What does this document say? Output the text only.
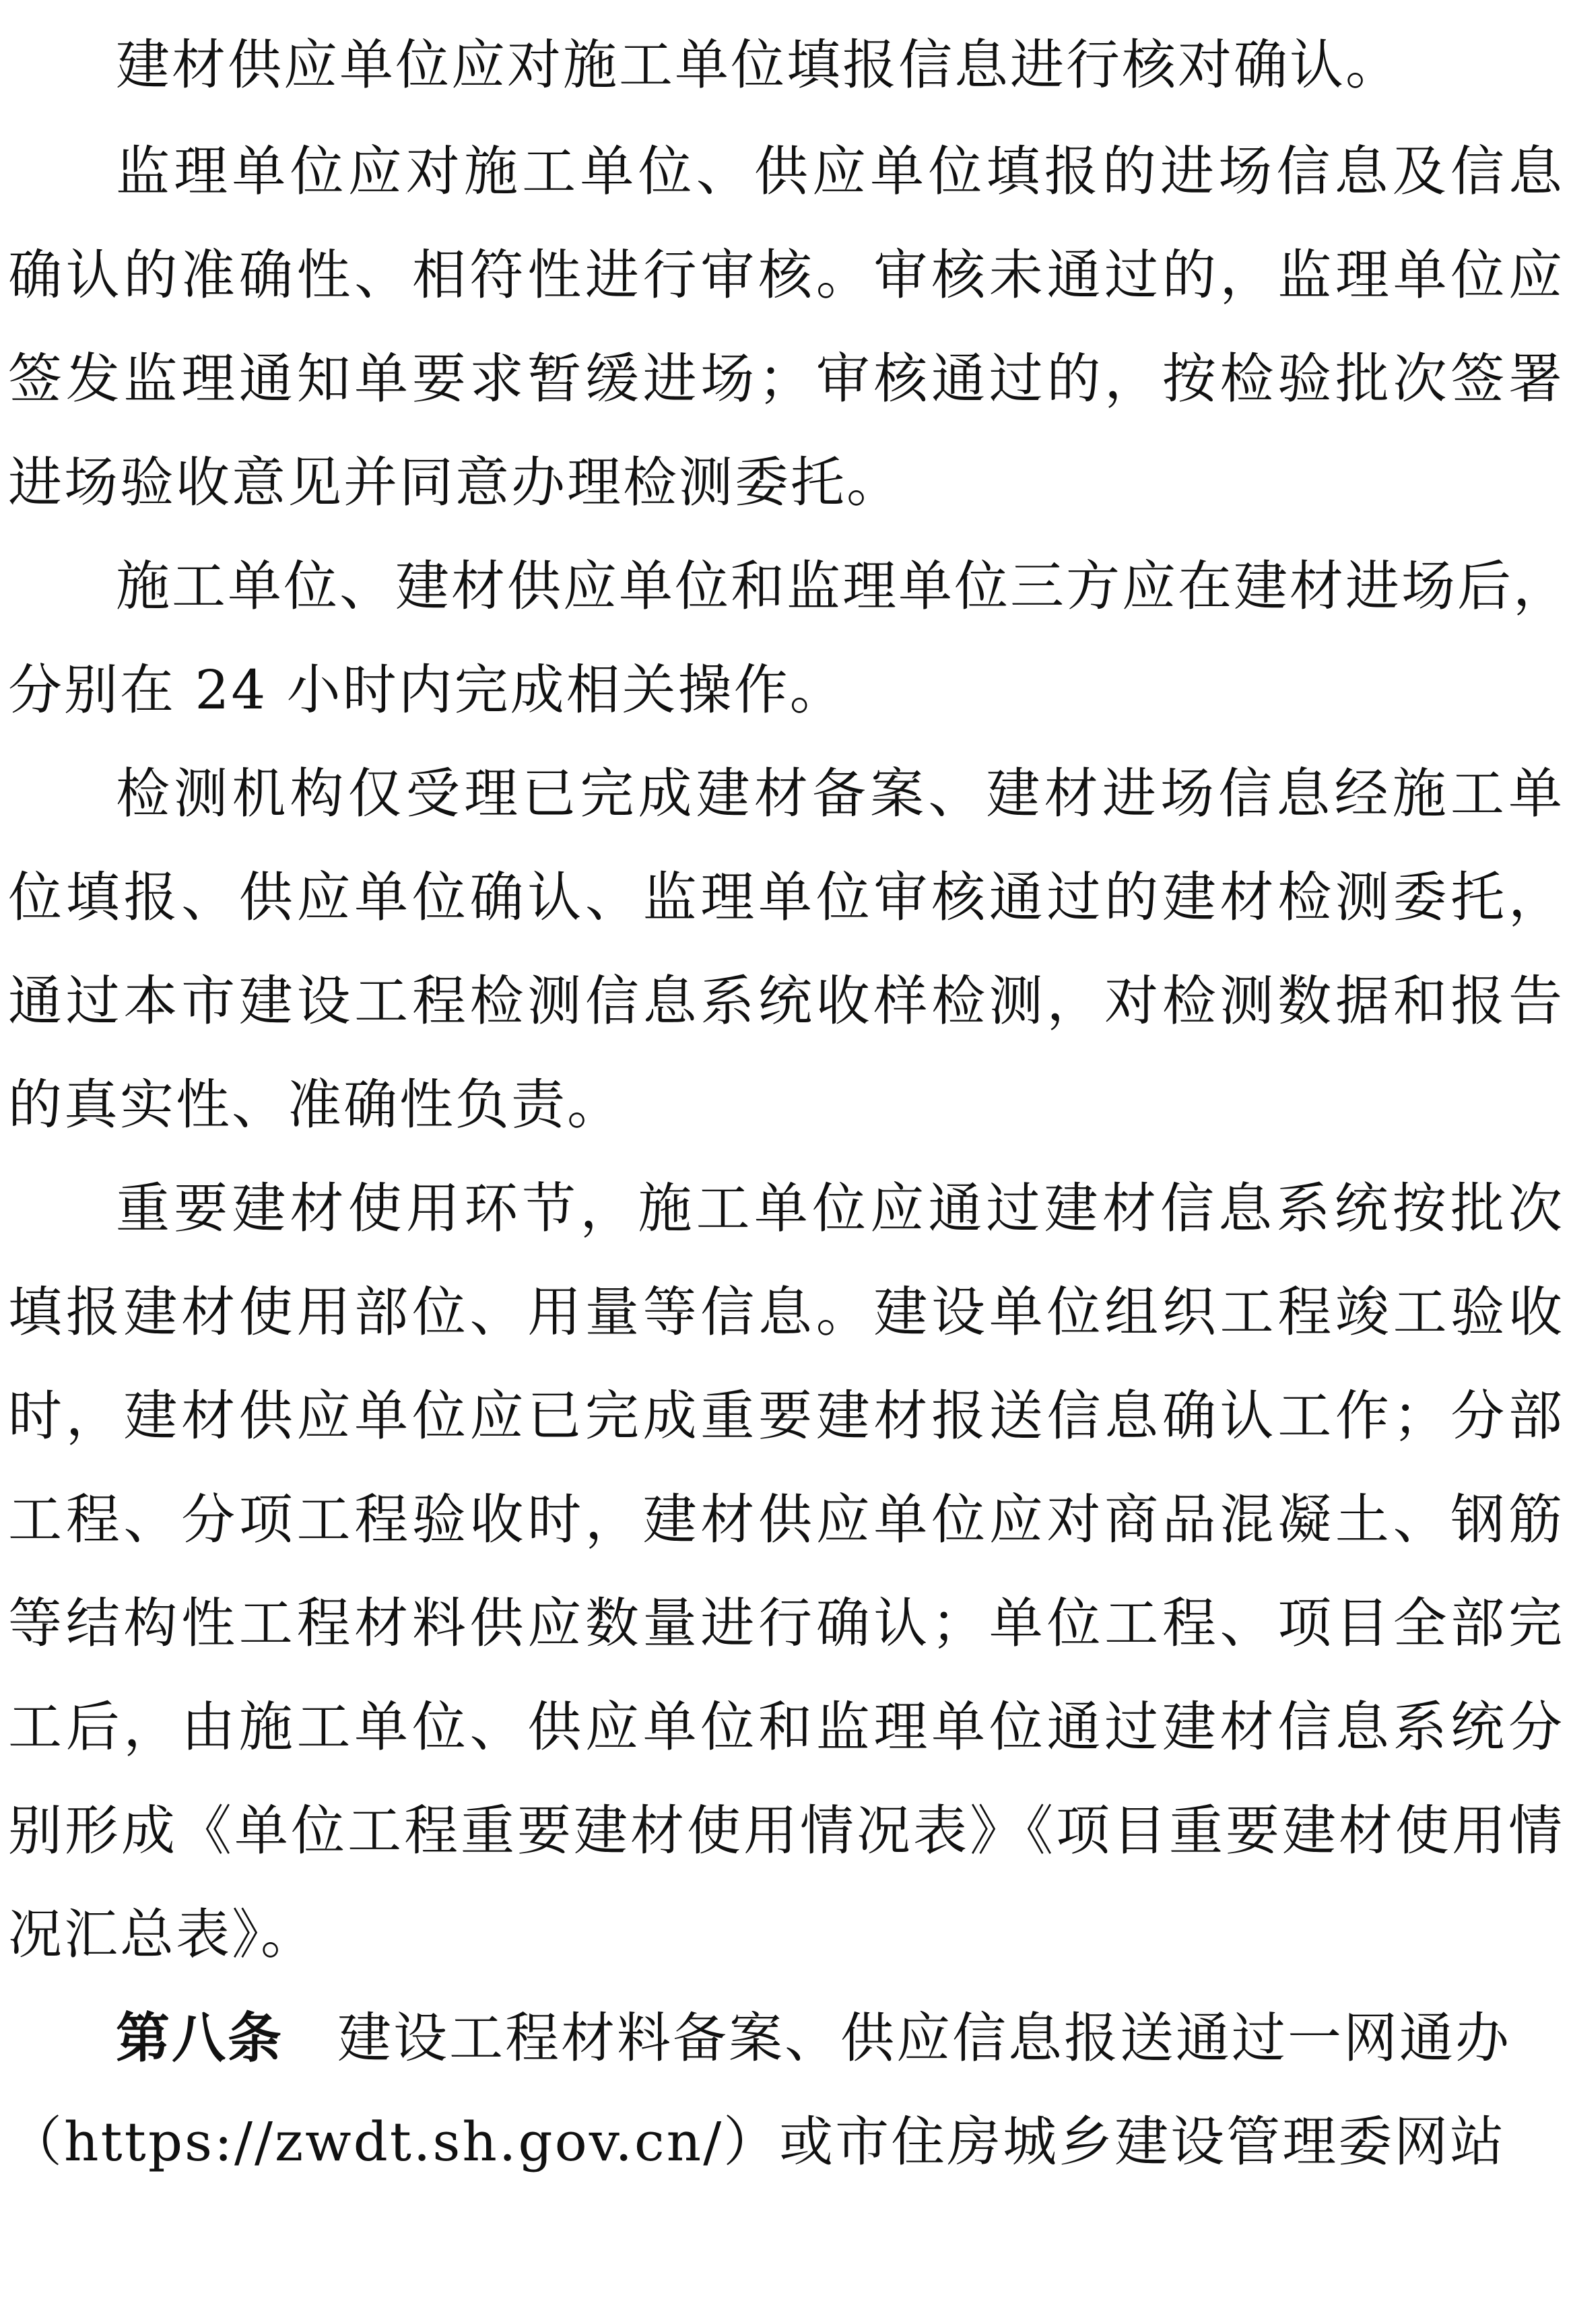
建材供应单位应对施工单位填报信息进行核对确认。
监理单位应对施工单位、供应单位填报的进场信息及信息
确认的准确性、相符性进行审核。审核未通过的，监理单位应
签发监理通知单要求暂缓进场；审核通过的，按检验批次签署
进场验收意见并同意办理检测委托。
施工单位、建材供应单位和监理单位三方应在建材进场后，
分别在 24 小时内完成相关操作。
检测机构仅受理已完成建材备案、建材进场信息经施工单
位填报、供应单位确认、监理单位审核通过的建材检测委托，
通过本市建设工程检测信息系统收样检测，对检测数据和报告
的真实性、准确性负责。
重要建材使用环节，施工单位应通过建材信息系统按批次
填报建材使用部位、用量等信息。建设单位组织工程竣工验收
时，建材供应单位应已完成重要建材报送信息确认工作；分部
工程、分项工程验收时，建材供应单位应对商品混凝土、钢筋
等结构性工程材料供应数量进行确认；单位工程、项目全部完
工后，由施工单位、供应单位和监理单位通过建材信息系统分
别形成《单位工程重要建材使用情况表》《项目重要建材使用情
况汇总表》。
第八条 建设工程材料备案、供应信息报送通过一网通办
（https://zwdt.sh.gov.cn/）或市住房城乡建设管理委网站
